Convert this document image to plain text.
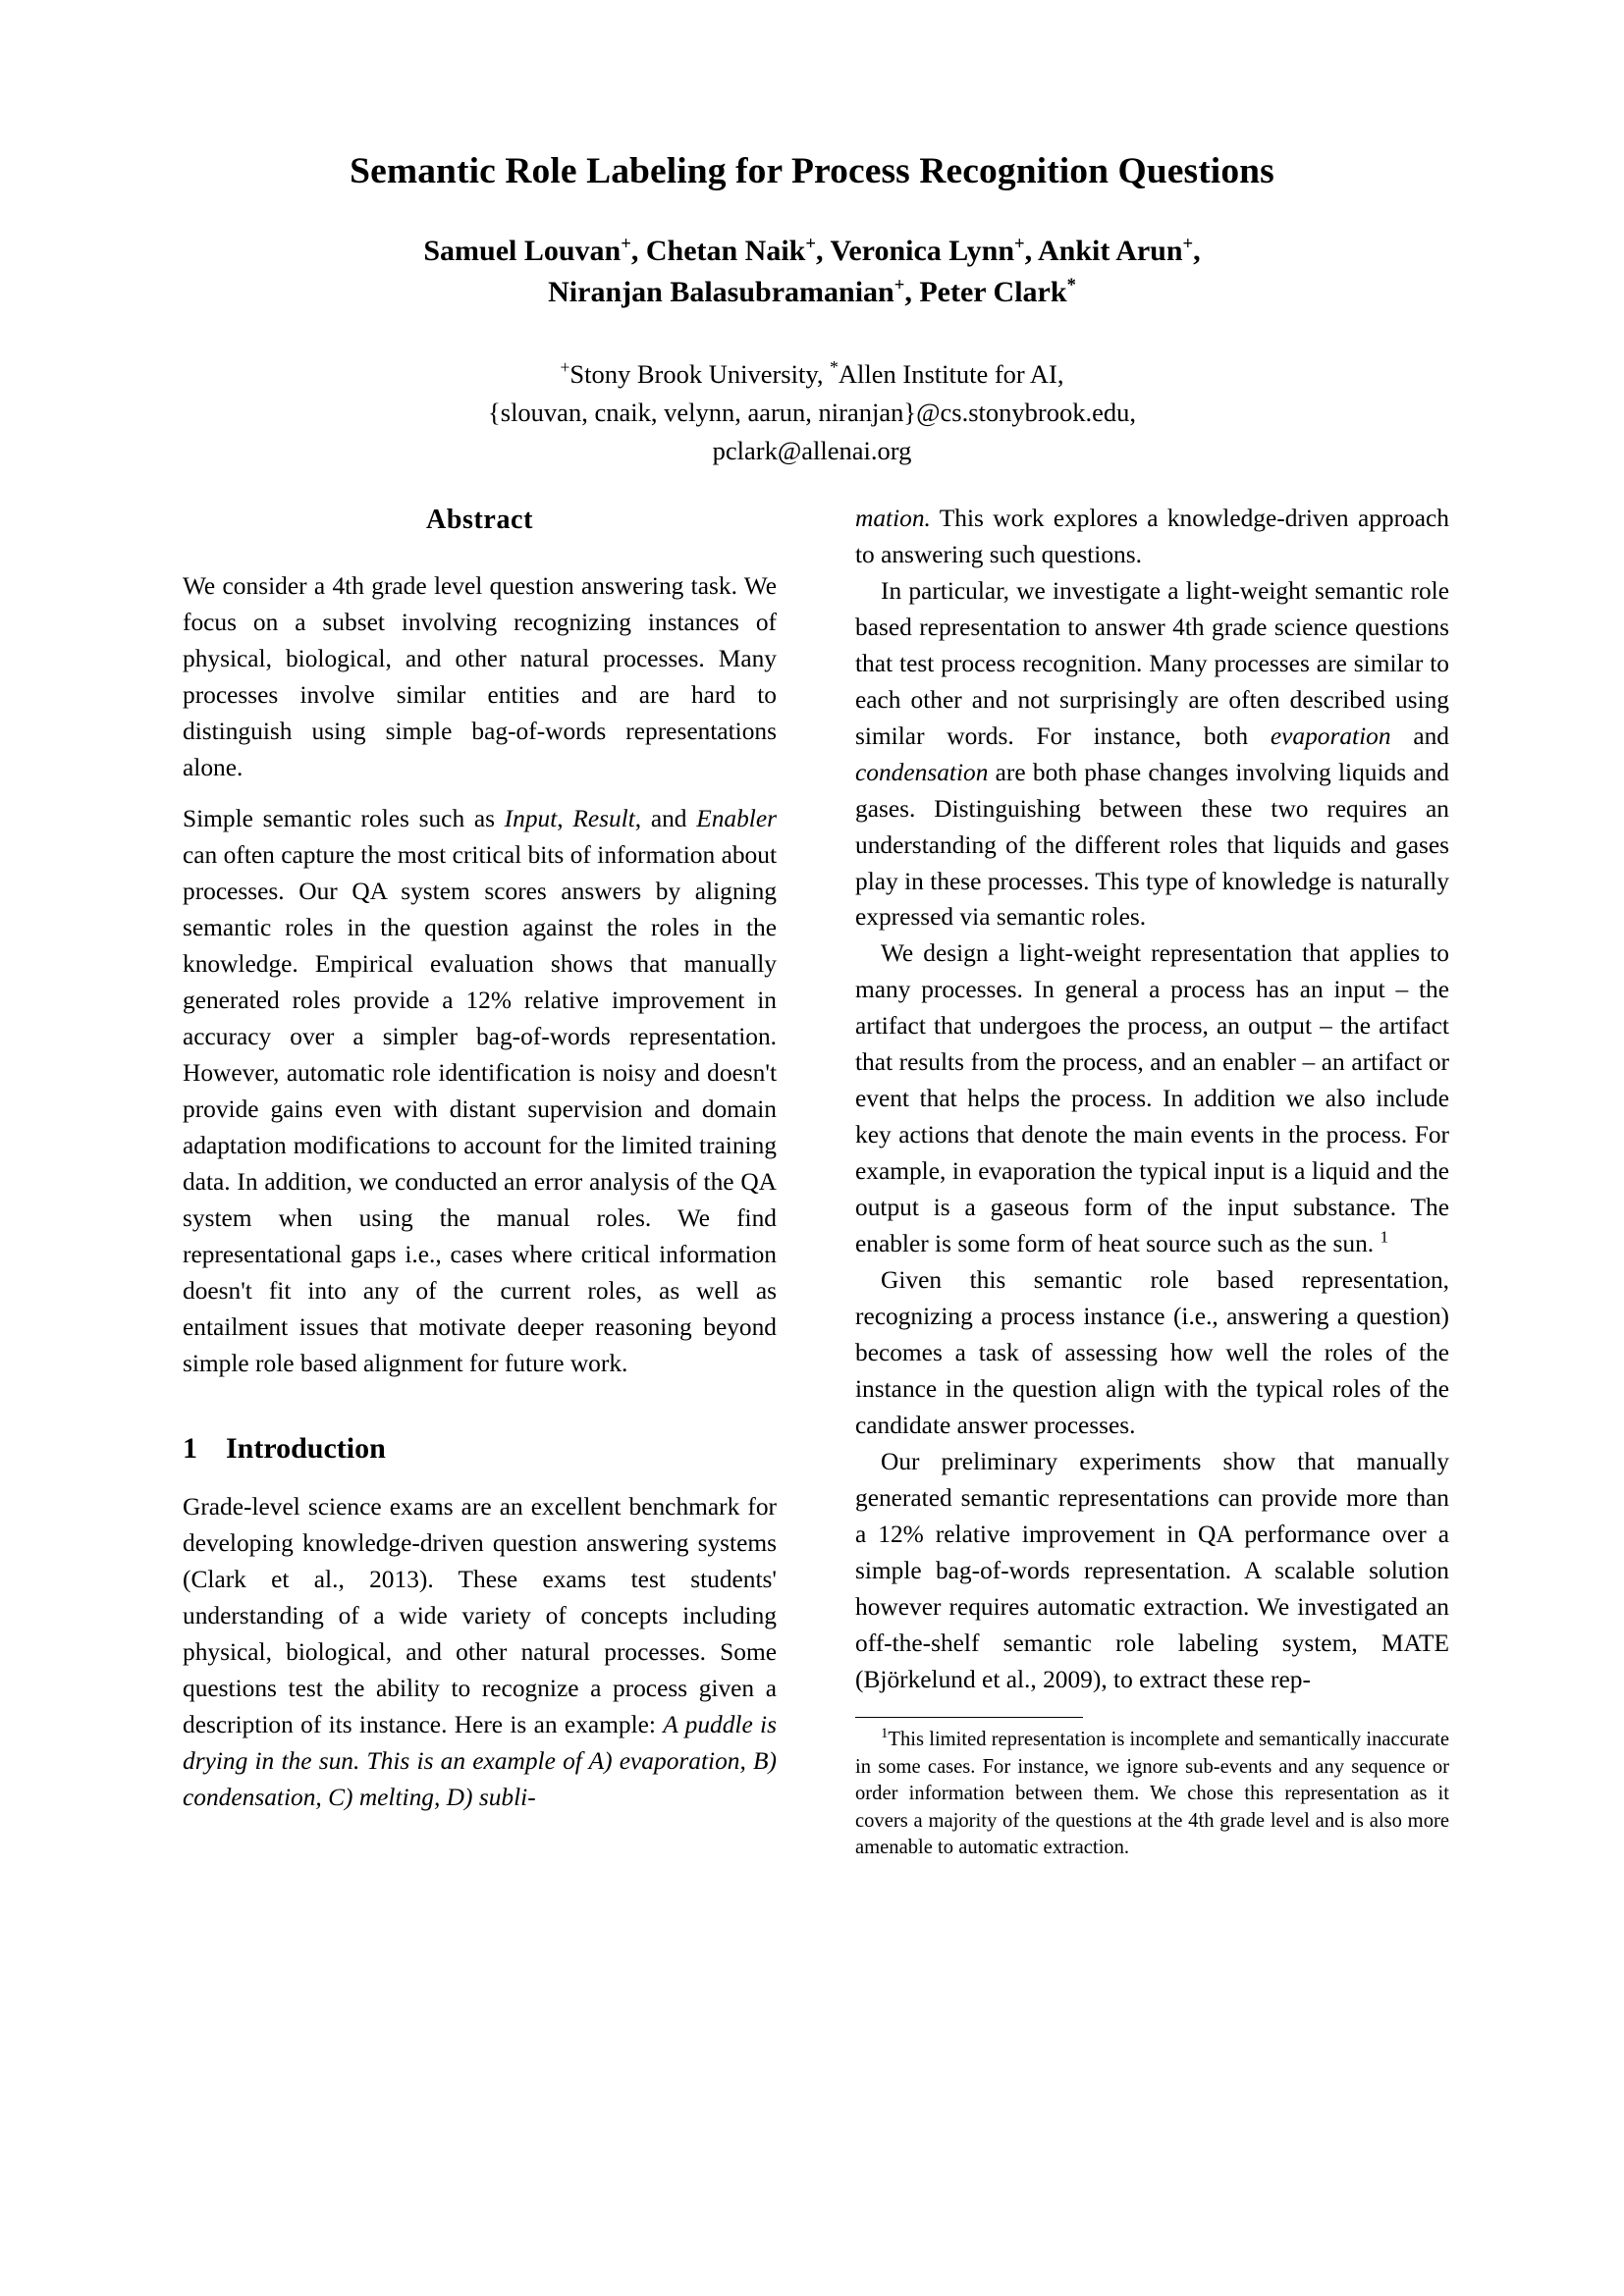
Semantic Role Labeling for Process Recognition Questions
Samuel Louvan+, Chetan Naik+, Veronica Lynn+, Ankit Arun+,
Niranjan Balasubramanian+, Peter Clark*
+Stony Brook University, *Allen Institute for AI,
{slouvan, cnaik, velynn, aarun, niranjan}@cs.stonybrook.edu,
pclark@allenai.org
Abstract

We consider a 4th grade level question answering task. We focus on a subset involving recognizing instances of physical, biological, and other natural processes. Many processes involve similar entities and are hard to distinguish using simple bag-of-words representations alone.

Simple semantic roles such as Input, Result, and Enabler can often capture the most critical bits of information about processes. Our QA system scores answers by aligning semantic roles in the question against the roles in the knowledge. Empirical evaluation shows that manually generated roles provide a 12% relative improvement in accuracy over a simpler bag-of-words representation. However, automatic role identification is noisy and doesn't provide gains even with distant supervision and domain adaptation modifications to account for the limited training data. In addition, we conducted an error analysis of the QA system when using the manual roles. We find representational gaps i.e., cases where critical information doesn't fit into any of the current roles, as well as entailment issues that motivate deeper reasoning beyond simple role based alignment for future work.

1 Introduction

Grade-level science exams are an excellent benchmark for developing knowledge-driven question answering systems (Clark et al., 2013). These exams test students' understanding of a wide variety of concepts including physical, biological, and other natural processes. Some questions test the ability to recognize a process given a description of its instance. Here is an example: A puddle is drying in the sun. This is an example of A) evaporation, B) condensation, C) melting, D) subli-

mation. This work explores a knowledge-driven approach to answering such questions.

In particular, we investigate a light-weight semantic role based representation to answer 4th grade science questions that test process recognition. Many processes are similar to each other and not surprisingly are often described using similar words. For instance, both evaporation and condensation are both phase changes involving liquids and gases. Distinguishing between these two requires an understanding of the different roles that liquids and gases play in these processes. This type of knowledge is naturally expressed via semantic roles.

We design a light-weight representation that applies to many processes. In general a process has an input – the artifact that undergoes the process, an output – the artifact that results from the process, and an enabler – an artifact or event that helps the process. In addition we also include key actions that denote the main events in the process. For example, in evaporation the typical input is a liquid and the output is a gaseous form of the input substance. The enabler is some form of heat source such as the sun. $^1$

Given this semantic role based representation, recognizing a process instance (i.e., answering a question) becomes a task of assessing how well the roles of the instance in the question align with the typical roles of the candidate answer processes.

Our preliminary experiments show that manually generated semantic representations can provide more than a 12% relative improvement in QA performance over a simple bag-of-words representation. A scalable solution however requires automatic extraction. We investigated an off-the-shelf semantic role labeling system, MATE (Björkelund et al., 2009), to extract these rep-

$^1$This limited representation is incomplete and semantically inaccurate in some cases. For instance, we ignore sub-events and any sequence or order information between them. We chose this representation as it covers a majority of the questions at the 4th grade level and is also more amenable to automatic extraction.
